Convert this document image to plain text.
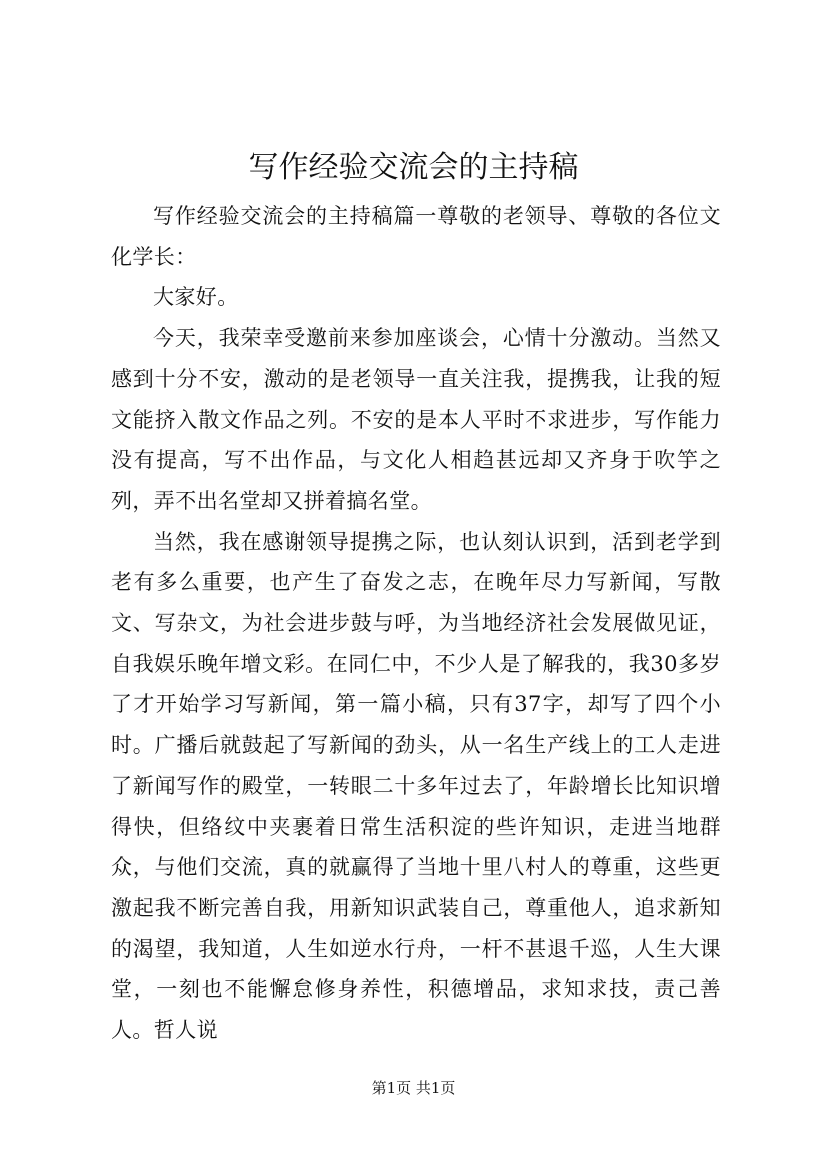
写作经验交流会的主持稿

写作经验交流会的主持稿篇一尊敬的老领导、尊敬的各位文化学长：

大家好。

今天，我荣幸受邀前来参加座谈会，心情十分激动。当然又感到十分不安，激动的是老领导一直关注我，提携我，让我的短文能挤入散文作品之列。不安的是本人平时不求进步，写作能力没有提高，写不出作品，与文化人相趋甚远却又齐身于吹竽之列，弄不出名堂却又拼着搞名堂。

当然，我在感谢领导提携之际，也认刻认识到，活到老学到老有多么重要，也产生了奋发之志，在晚年尽力写新闻，写散文、写杂文，为社会进步鼓与呼，为当地经济社会发展做见证，自我娱乐晚年增文彩。在同仁中，不少人是了解我的，我30多岁了才开始学习写新闻，第一篇小稿，只有37字，却写了四个小时。广播后就鼓起了写新闻的劲头，从一名生产线上的工人走进了新闻写作的殿堂，一转眼二十多年过去了，年龄增长比知识增得快，但络纹中夹裹着日常生活积淀的些许知识，走进当地群众，与他们交流，真的就赢得了当地十里八村人的尊重，这些更激起我不断完善自我，用新知识武装自己，尊重他人，追求新知的渴望，我知道，人生如逆水行舟，一杆不甚退千巡，人生大课堂，一刻也不能懈怠修身养性，积德增品，求知求技，责己善人。哲人说

第1页 共1页
